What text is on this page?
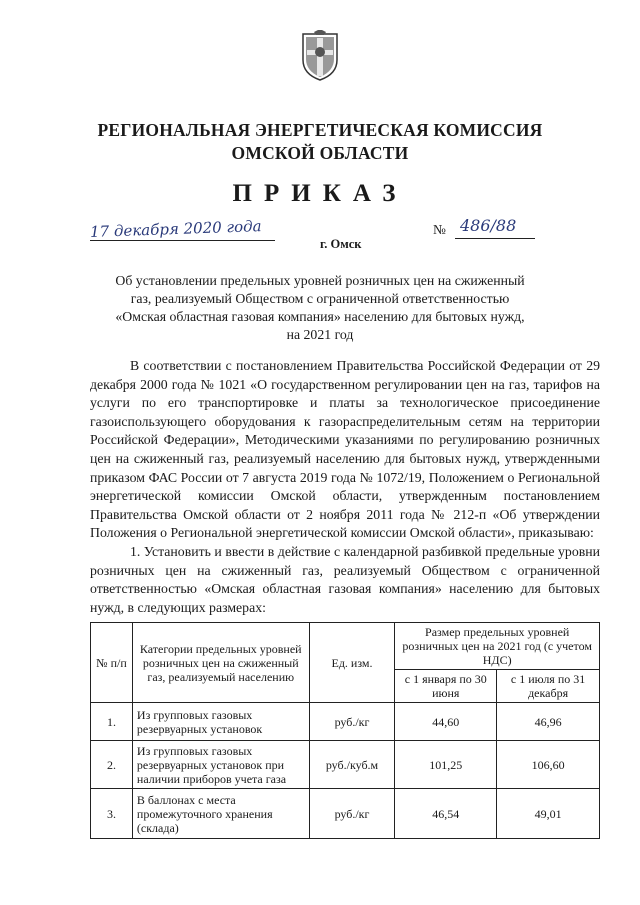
РЕГИОНАЛЬНАЯ ЭНЕРГЕТИЧЕСКАЯ КОМИССИЯ
ОМСКОЙ ОБЛАСТИ
ПРИКАЗ
17 декабря 2020 года
г. Омск
№ 486/88
Об установлении предельных уровней розничных цен на сжиженный
газ, реализуемый Обществом с ограниченной ответственностью
«Омская областная газовая компания» населению для бытовых нужд,
на 2021 год

В соответствии с постановлением Правительства Российской Федерации от 29 декабря 2000 года № 1021 «О государственном регулировании цен на газ, тарифов на услуги по его транспортировке и платы за технологическое присоединение газоиспользующего оборудования к газораспределительным сетям на территории Российской Федерации», Методическими указаниями по регулированию розничных цен на сжиженный газ, реализуемый населению для бытовых нужд, утвержденными приказом ФАС России от 7 августа 2019 года № 1072/19, Положением о Региональной энергетической комиссии Омской области, утвержденным постановлением Правительства Омской области от 2 ноября 2011 года № 212-п «Об утверждении Положения о Региональной энергетической комиссии Омской области», приказываю:

1. Установить и ввести в действие с календарной разбивкой предельные уровни розничных цен на сжиженный газ, реализуемый Обществом с ограниченной ответственностью «Омская областная газовая компания» населению для бытовых нужд, в следующих размерах:

№ п/п	Категории предельных уровней розничных цен на сжиженный газ, реализуемый населению	Ед. изм.	Размер предельных уровней розничных цен на 2021 год (с учетом НДС)	
			с 1 января по 30 июня	с 1 июля по 31 декабря
1.	Из групповых газовых резервуарных установок	руб./кг	44,60	46,96
2.	Из групповых газовых резервуарных установок при наличии приборов учета газа	руб./куб.м	101,25	106,60
3.	В баллонах с места промежуточного хранения (склада)	руб./кг	46,54	49,01
